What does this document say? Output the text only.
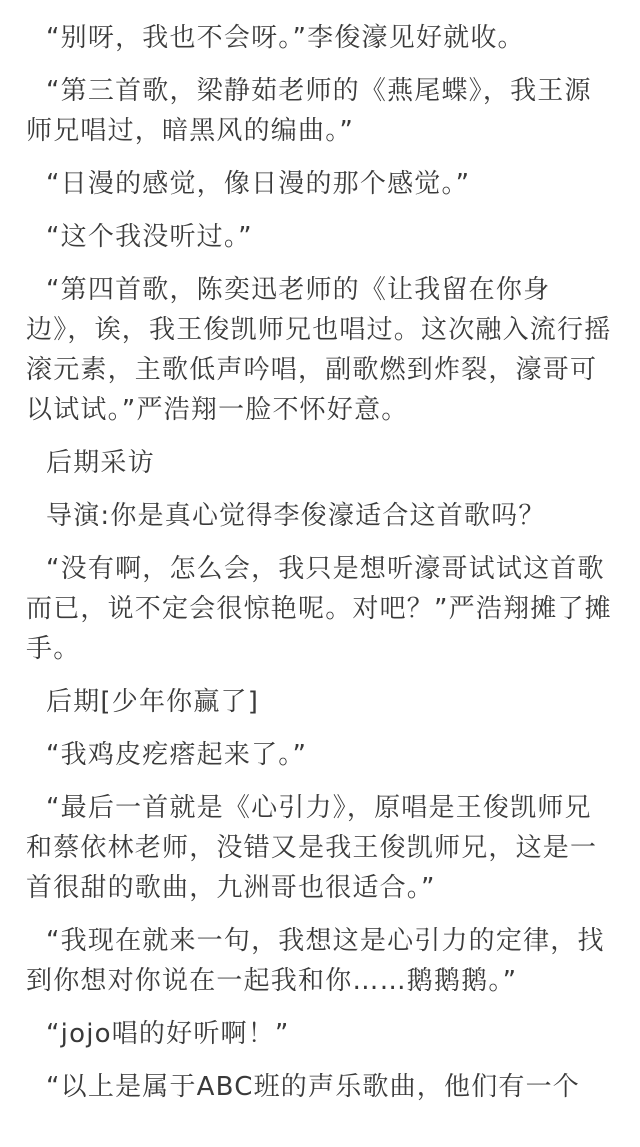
“别呀，我也不会呀。”李俊濠见好就收。

“第三首歌，梁静茹老师的《燕尾蝶》，我王源师兄唱过，暗黑风的编曲。”

“日漫的感觉，像日漫的那个感觉。”

“这个我没听过。”

“第四首歌，陈奕迅老师的《让我留在你身边》，诶，我王俊凯师兄也唱过。这次融入流行摇滚元素，主歌低声吟唱，副歌燃到炸裂，濠哥可以试试。”严浩翔一脸不怀好意。

后期采访

导演:你是真心觉得李俊濠适合这首歌吗？

“没有啊，怎么会，我只是想听濠哥试试这首歌而已，说不定会很惊艳呢。对吧？”严浩翔摊了摊手。

后期[少年你赢了]

“我鸡皮疙瘩起来了。”

“最后一首就是《心引力》，原唱是王俊凯师兄和蔡依林老师，没错又是我王俊凯师兄，这是一首很甜的歌曲，九洲哥也很适合。”

“我现在就来一句，我想这是心引力的定律，找到你想对你说在一起我和你……鹅鹅鹅。”

“jojo唱的好听啊！”

“以上是属于ABC班的声乐歌曲，他们有一个
